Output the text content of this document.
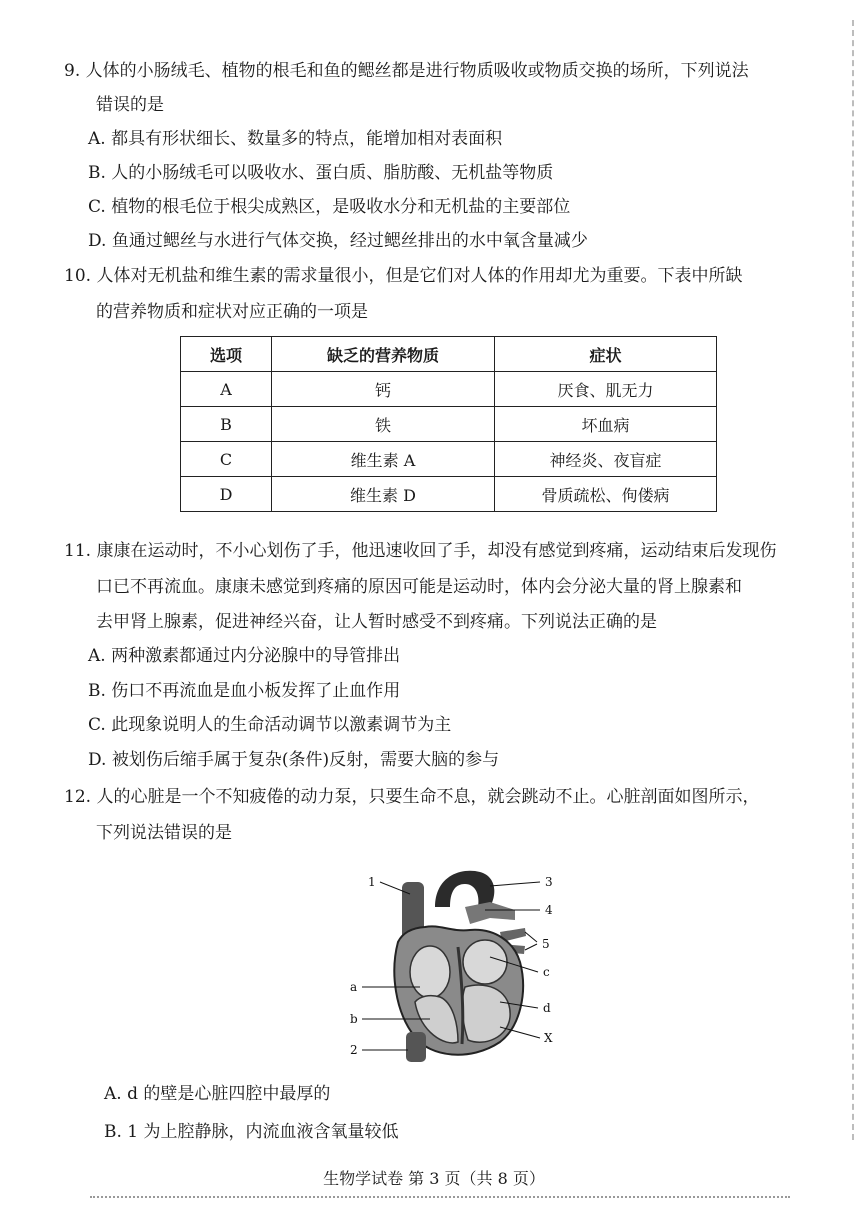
9. 人体的小肠绒毛、植物的根毛和鱼的鳃丝都是进行物质吸收或物质交换的场所，下列说法
错误的是
A. 都具有形状细长、数量多的特点，能增加相对表面积
B. 人的小肠绒毛可以吸收水、蛋白质、脂肪酸、无机盐等物质
C. 植物的根毛位于根尖成熟区，是吸收水分和无机盐的主要部位
D. 鱼通过鳃丝与水进行气体交换，经过鳃丝排出的水中氧含量减少
10. 人体对无机盐和维生素的需求量很小，但是它们对人体的作用却尤为重要。下表中所缺
的营养物质和症状对应正确的一项是
选项	缺乏的营养物质	症状
A	钙	厌食、肌无力
B	铁	坏血病
C	维生素 A	神经炎、夜盲症
D	维生素 D	骨质疏松、佝偻病
11. 康康在运动时，不小心划伤了手，他迅速收回了手，却没有感觉到疼痛，运动结束后发现伤
口已不再流血。康康未感觉到疼痛的原因可能是运动时，体内会分泌大量的肾上腺素和
去甲肾上腺素，促进神经兴奋，让人暂时感受不到疼痛。下列说法正确的是
A. 两种激素都通过内分泌腺中的导管排出
B. 伤口不再流血是血小板发挥了止血作用
C. 此现象说明人的生命活动调节以激素调节为主
D. 被划伤后缩手属于复杂(条件)反射，需要大脑的参与
12. 人的心脏是一个不知疲倦的动力泵，只要生命不息，就会跳动不止。心脏剖面如图所示，
下列说法错误的是
1	3
4
5
c
d
X
a
b
2
A. d 的壁是心脏四腔中最厚的
B. 1 为上腔静脉，内流血液含氧量较低
生物学试卷 第 3 页（共 8 页）
